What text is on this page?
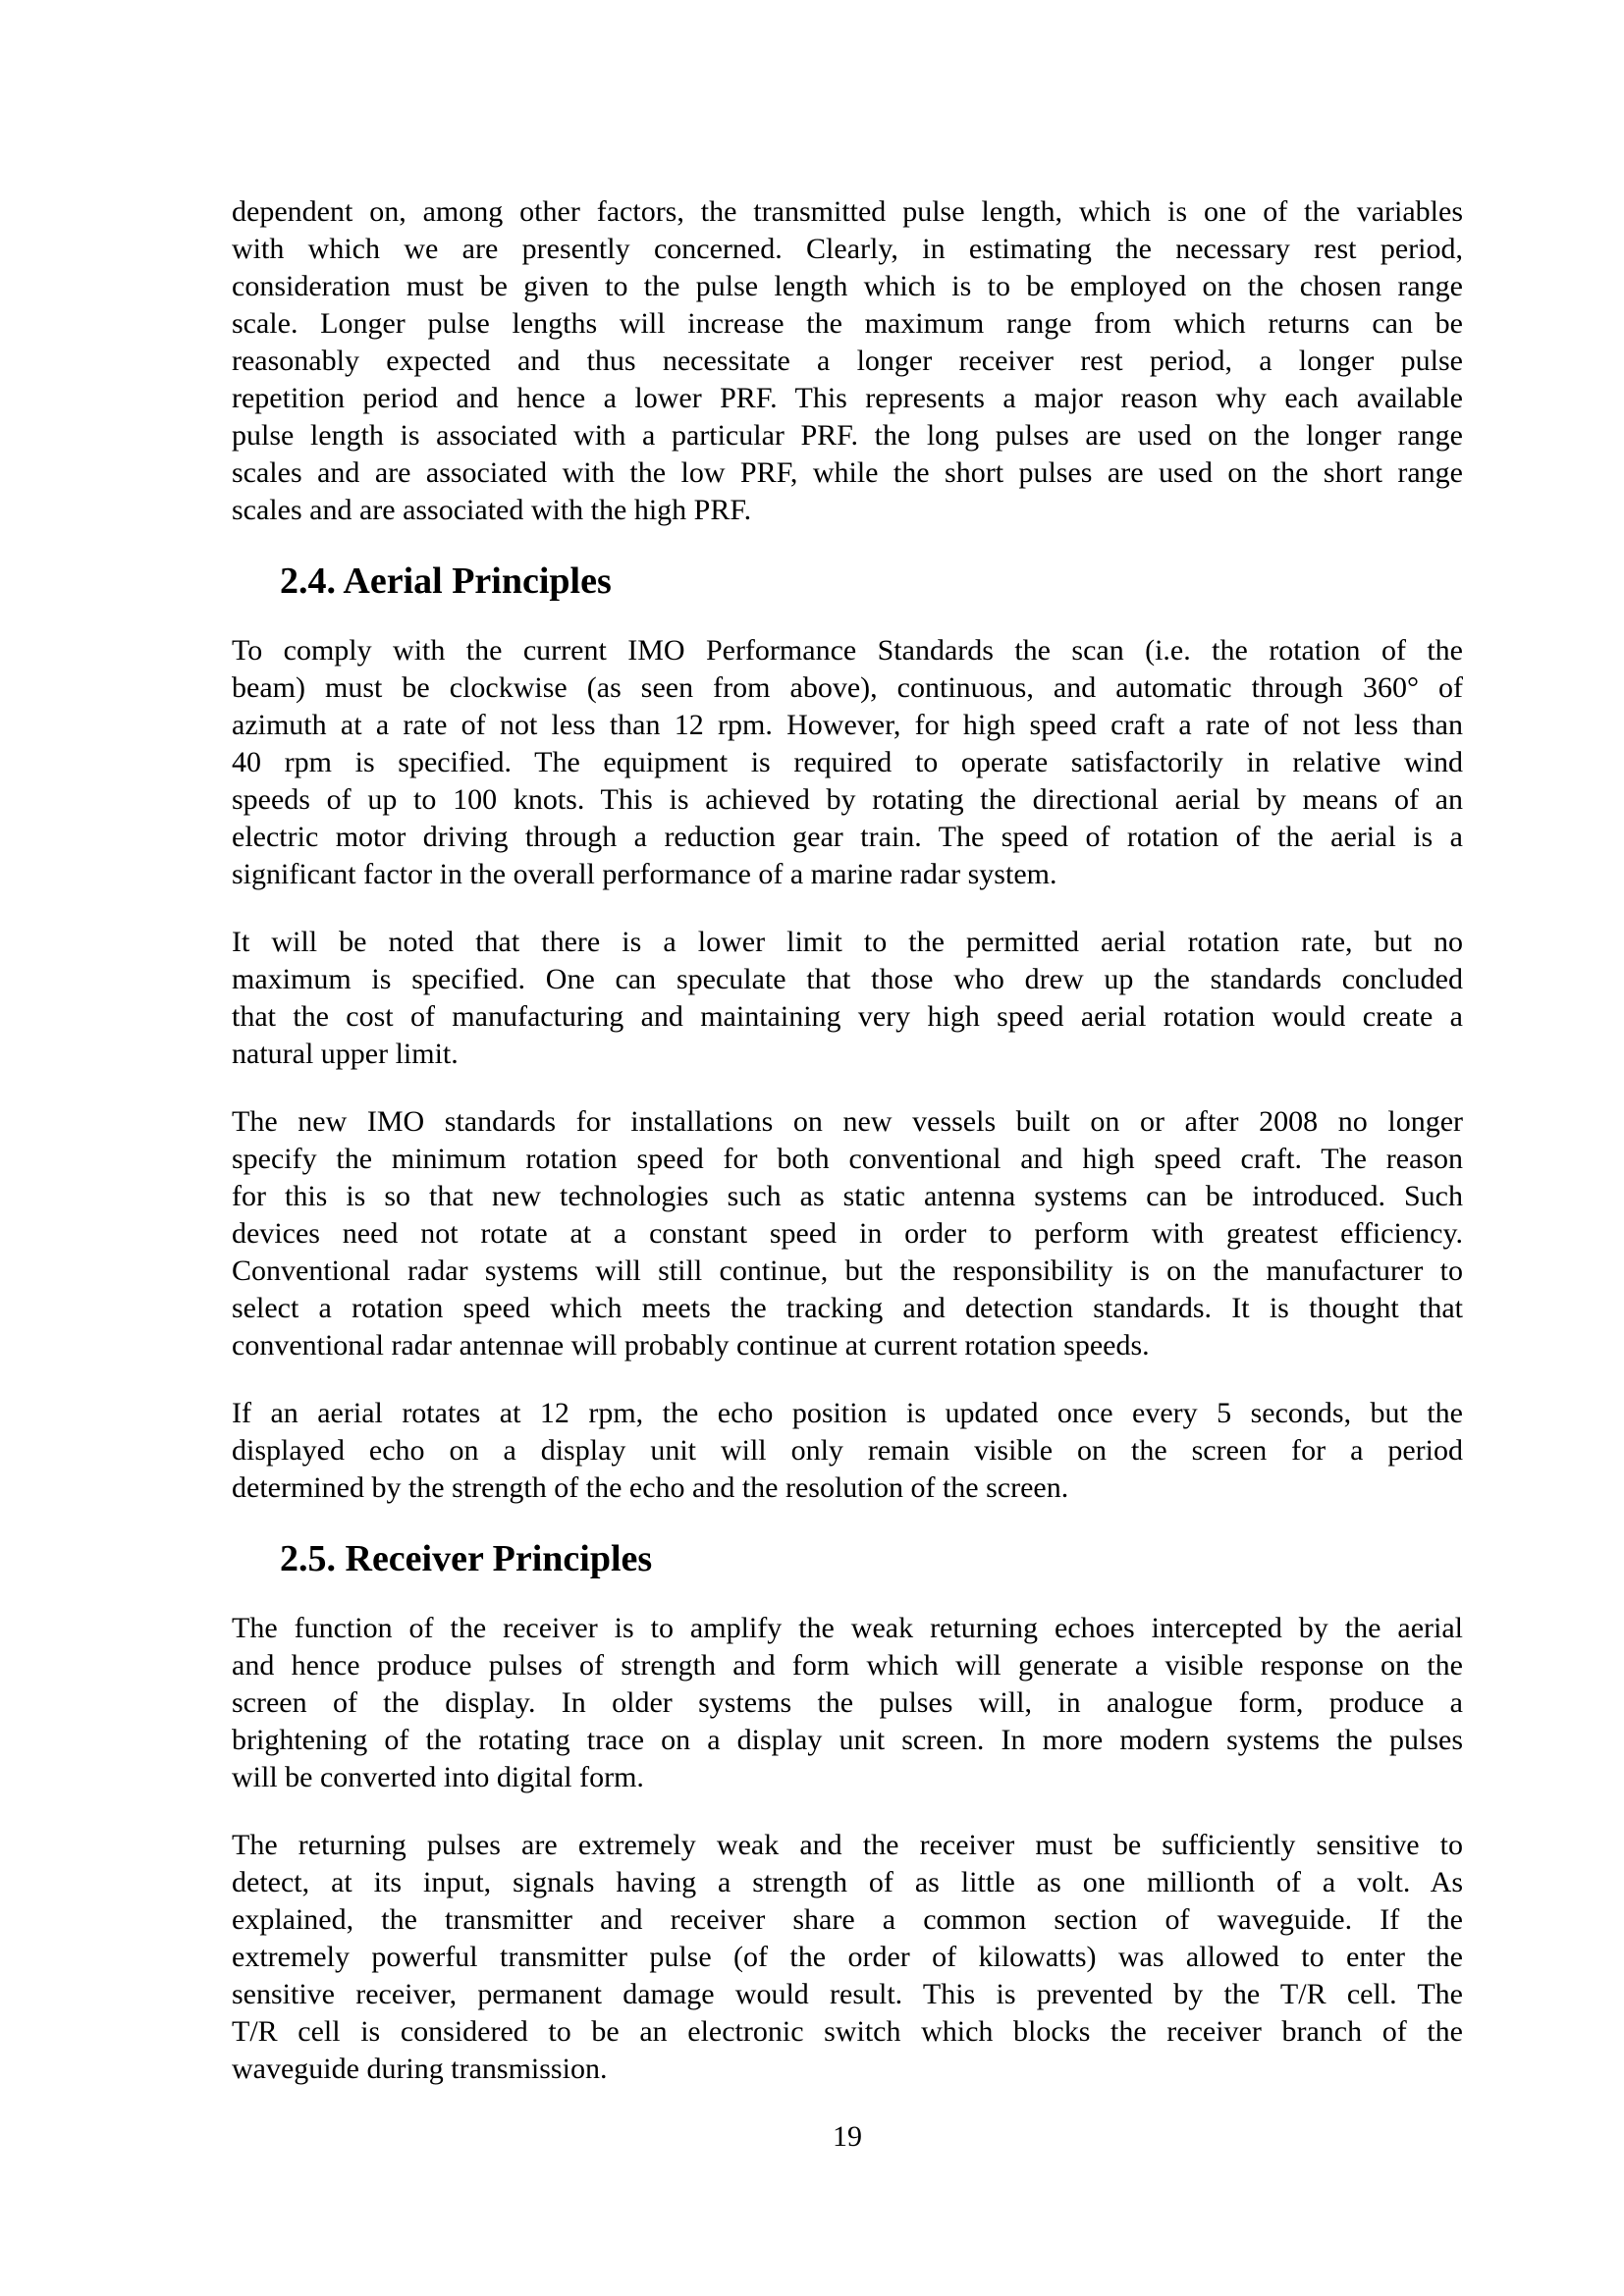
dependent on, among other factors, the transmitted pulse length, which is one of the variables
with which we are presently concerned. Clearly, in estimating the necessary rest period,
consideration must be given to the pulse length which is to be employed on the chosen range
scale. Longer pulse lengths will increase the maximum range from which returns can be
reasonably expected and thus necessitate a longer receiver rest period, a longer pulse
repetition period and hence a lower PRF. This represents a major reason why each available
pulse length is associated with a particular PRF. the long pulses are used on the longer range
scales and are associated with the low PRF, while the short pulses are used on the short range
scales and are associated with the high PRF.

2.4. Aerial Principles

To comply with the current IMO Performance Standards the scan (i.e. the rotation of the
beam) must be clockwise (as seen from above), continuous, and automatic through 360° of
azimuth at a rate of not less than 12 rpm. However, for high speed craft a rate of not less than
40 rpm is specified. The equipment is required to operate satisfactorily in relative wind
speeds of up to 100 knots. This is achieved by rotating the directional aerial by means of an
electric motor driving through a reduction gear train. The speed of rotation of the aerial is a
significant factor in the overall performance of a marine radar system.

It will be noted that there is a lower limit to the permitted aerial rotation rate, but no
maximum is specified. One can speculate that those who drew up the standards concluded
that the cost of manufacturing and maintaining very high speed aerial rotation would create a
natural upper limit.

The new IMO standards for installations on new vessels built on or after 2008 no longer
specify the minimum rotation speed for both conventional and high speed craft. The reason
for this is so that new technologies such as static antenna systems can be introduced. Such
devices need not rotate at a constant speed in order to perform with greatest efficiency.
Conventional radar systems will still continue, but the responsibility is on the manufacturer to
select a rotation speed which meets the tracking and detection standards. It is thought that
conventional radar antennae will probably continue at current rotation speeds.

If an aerial rotates at 12 rpm, the echo position is updated once every 5 seconds, but the
displayed echo on a display unit will only remain visible on the screen for a period
determined by the strength of the echo and the resolution of the screen.

2.5. Receiver Principles

The function of the receiver is to amplify the weak returning echoes intercepted by the aerial
and hence produce pulses of strength and form which will generate a visible response on the
screen of the display. In older systems the pulses will, in analogue form, produce a
brightening of the rotating trace on a display unit screen. In more modern systems the pulses
will be converted into digital form.

The returning pulses are extremely weak and the receiver must be sufficiently sensitive to
detect, at its input, signals having a strength of as little as one millionth of a volt. As
explained, the transmitter and receiver share a common section of waveguide. If the
extremely powerful transmitter pulse (of the order of kilowatts) was allowed to enter the
sensitive receiver, permanent damage would result. This is prevented by the T/R cell. The
T/R cell is considered to be an electronic switch which blocks the receiver branch of the
waveguide during transmission.

19
